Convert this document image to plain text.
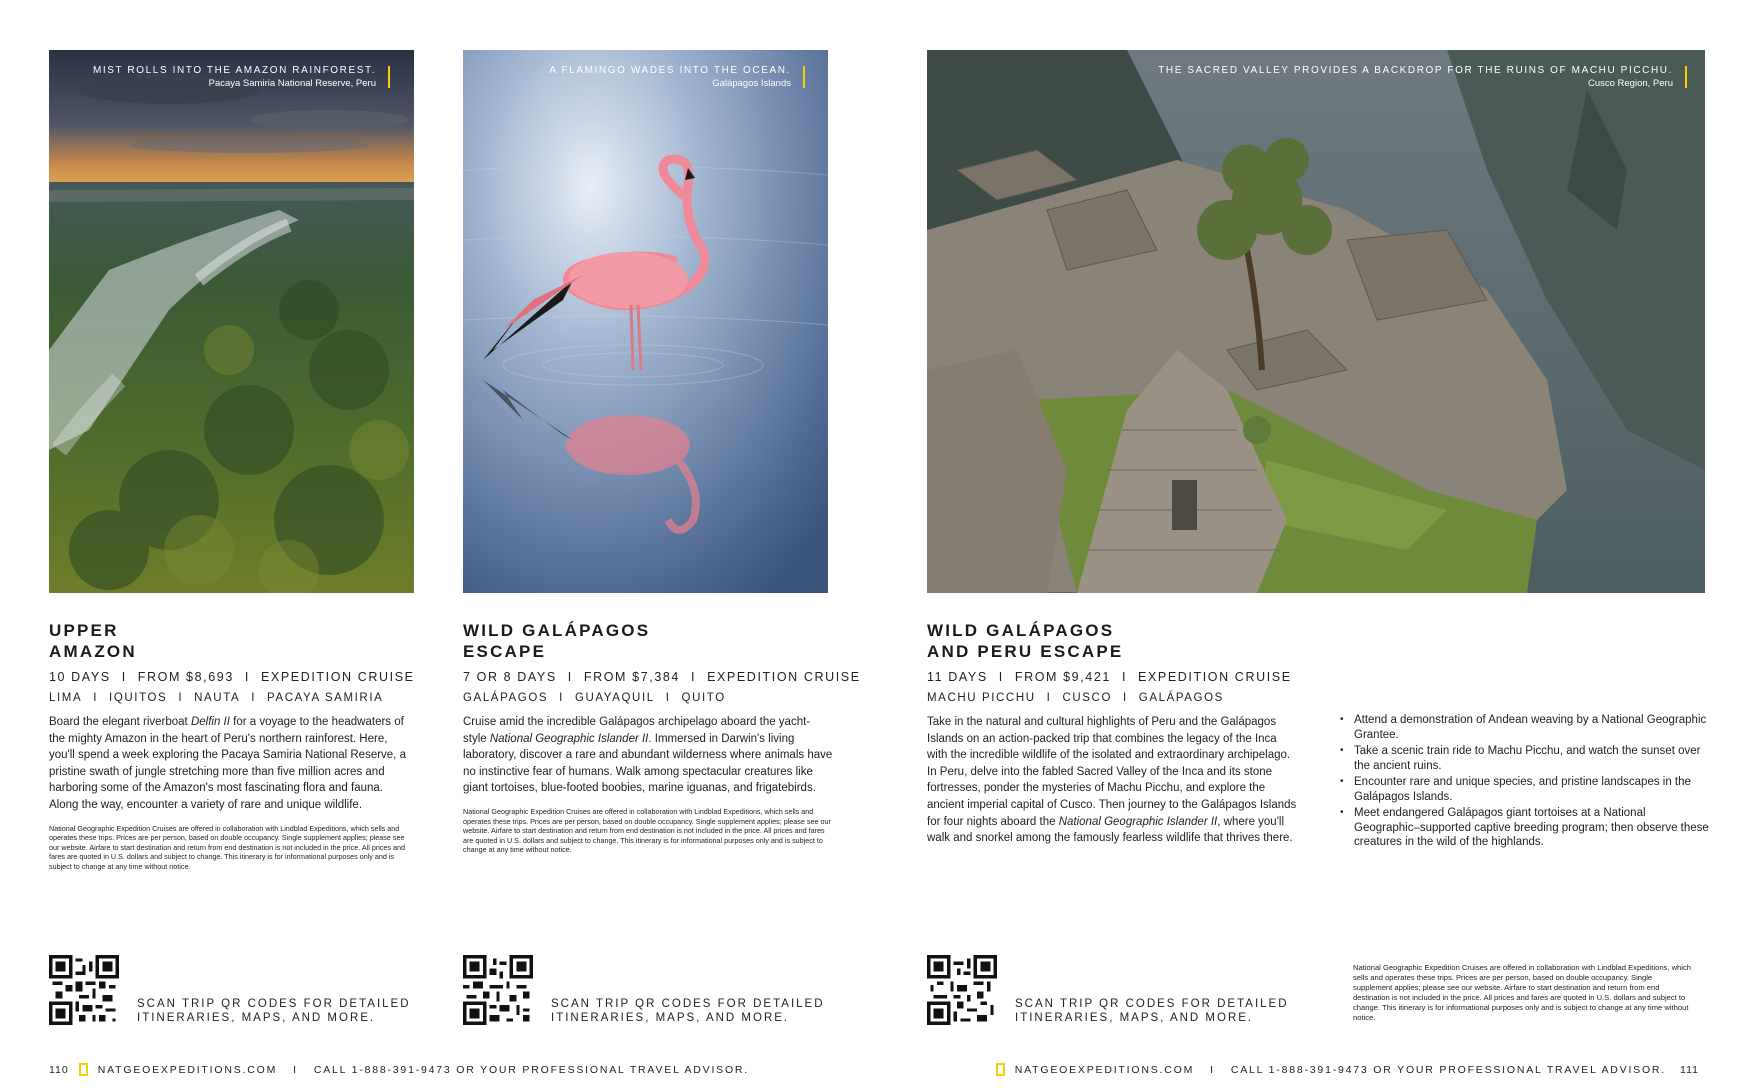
MIST ROLLS INTO THE AMAZON RAINFOREST.
Pacaya Samiria National Reserve, Peru
A FLAMINGO WADES INTO THE OCEAN.
Galápagos Islands
THE SACRED VALLEY PROVIDES A BACKDROP FOR THE RUINS OF MACHU PICCHU.
Cusco Region, Peru
UPPER
AMAZON
10 DAYS I FROM $8,693 I EXPEDITION CRUISE
LIMA I IQUITOS I NAUTA I PACAYA SAMIRIA

Board the elegant riverboat Delfin II for a voyage to the headwaters of the mighty Amazon in the heart of Peru's northern rainforest. Here, you'll spend a week exploring the Pacaya Samiria National Reserve, a pristine swath of jungle stretching more than five million acres and harboring some of the Amazon's most fascinating flora and fauna. Along the way, encounter a variety of rare and unique wildlife.

National Geographic Expedition Cruises are offered in collaboration with Lindblad Expeditions, which sells and operates these trips. Prices are per person, based on double occupancy. Single supplement applies; please see our website. Airfare to start destination and return from end destination is not included in the price. All prices and fares are quoted in U.S. dollars and subject to change. This itinerary is for informational purposes only and is subject to change at any time without notice.

WILD GALÁPAGOS
ESCAPE
7 OR 8 DAYS I FROM $7,384 I EXPEDITION CRUISE
GALÁPAGOS I GUAYAQUIL I QUITO

Cruise amid the incredible Galápagos archipelago aboard the yacht-style National Geographic Islander II. Immersed in Darwin's living laboratory, discover a rare and abundant wilderness where animals have no instinctive fear of humans. Walk among spectacular creatures like giant tortoises, blue-footed boobies, marine iguanas, and frigatebirds.

National Geographic Expedition Cruises are offered in collaboration with Lindblad Expeditions, which sells and operates these trips. Prices are per person, based on double occupancy. Single supplement applies; please see our website. Airfare to start destination and return from end destination is not included in the price. All prices and fares are quoted in U.S. dollars and subject to change. This itinerary is for informational purposes only and is subject to change at any time without notice.

WILD GALÁPAGOS
AND PERU ESCAPE
11 DAYS I FROM $9,421 I EXPEDITION CRUISE
MACHU PICCHU I CUSCO I GALÁPAGOS

Take in the natural and cultural highlights of Peru and the Galápagos Islands on an action-packed trip that combines the legacy of the Inca with the incredible wildlife of the isolated and extraordinary archipelago. In Peru, delve into the fabled Sacred Valley of the Inca and its stone fortresses, ponder the mysteries of Machu Picchu, and explore the ancient imperial capital of Cusco. Then journey to the Galápagos Islands for four nights aboard the National Geographic Islander II, where you'll walk and snorkel among the famously fearless wildlife that thrives there.

• Attend a demonstration of Andean weaving by a National Geographic Grantee.
• Take a scenic train ride to Machu Picchu, and watch the sunset over the ancient ruins.
• Encounter rare and unique species, and pristine landscapes in the Galápagos Islands.
• Meet endangered Galápagos giant tortoises at a National Geographic–supported captive breeding program; then observe these creatures in the wild of the highlands.

National Geographic Expedition Cruises are offered in collaboration with Lindblad Expeditions, which sells and operates these trips. Prices are per person, based on double occupancy. Single supplement applies; please see our website. Airfare to start destination and return from end destination is not included in the price. All prices and fares are quoted in U.S. dollars and subject to change. This itinerary is for informational purposes only and is subject to change at any time without notice.

SCAN TRIP QR CODES FOR DETAILED
ITINERARIES, MAPS, AND MORE.
SCAN TRIP QR CODES FOR DETAILED
ITINERARIES, MAPS, AND MORE.
SCAN TRIP QR CODES FOR DETAILED
ITINERARIES, MAPS, AND MORE.
110	NATGEOEXPEDITIONS.COM I CALL 1-888-391-9473 OR YOUR PROFESSIONAL TRAVEL ADVISOR.	NATGEOEXPEDITIONS.COM I CALL 1-888-391-9473 OR YOUR PROFESSIONAL TRAVEL ADVISOR. 111
